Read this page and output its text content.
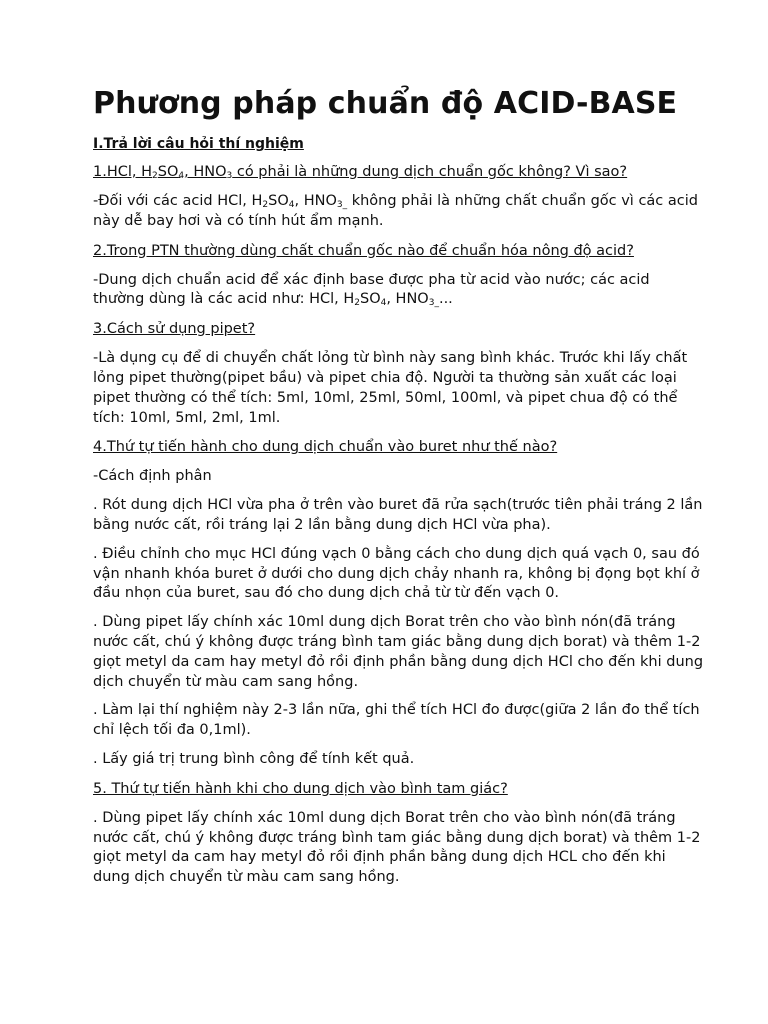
Phương pháp chuẩn độ ACID-BASE
I.Trả lời câu hỏi thí nghiệm
1.HCl, $H_2SO_4$, $HNO_3$ có phải là những dung dịch chuẩn gốc không? Vì sao?
-Đối với các acid HCl, $H_2SO_4$, $HNO_{3\_}$ không phải là những chất chuẩn gốc vì các acid này dễ bay hơi và có tính hút ẩm mạnh.
2.Trong PTN thường dùng chất chuẩn gốc nào để chuẩn hóa nông độ acid?
-Dung dịch chuẩn acid để xác định base được pha từ acid vào nước; các acid thường dùng là các acid như: HCl, $H_2SO_4$, $HNO_{3\_}$...
3.Cách sử dụng pipet?
-Là dụng cụ để di chuyển chất lỏng từ bình này sang bình khác. Trước khi lấy chất lỏng pipet thường(pipet bầu) và pipet chia độ. Người ta thường sản xuất các loại pipet thường có thể tích: 5ml, 10ml, 25ml, 50ml, 100ml, và pipet chua độ có thể tích: 10ml, 5ml, 2ml, 1ml.
4.Thứ tự tiến hành cho dung dịch chuẩn vào buret như thế nào?
-Cách định phân
. Rót dung dịch HCl vừa pha ở trên vào buret đã rửa sạch(trước tiên phải tráng 2 lần bằng nước cất, rồi tráng lại 2 lần bằng dung dịch HCl vừa pha).
. Điều chỉnh cho mục HCl đúng vạch 0 bằng cách cho dung dịch quá vạch 0, sau đó vận nhanh khóa buret ở dưới cho dung dịch chảy nhanh ra, không bị đọng bọt khí ở đầu nhọn của buret, sau đó cho dung dịch chả từ từ đến vạch 0.
. Dùng pipet lấy chính xác 10ml dung dịch Borat trên cho vào bình nón(đã tráng nước cất, chú ý không được tráng bình tam giác bằng dung dịch borat) và thêm 1-2 giọt metyl da cam hay metyl đỏ rồi định phần bằng dung dịch HCl cho đến khi dung dịch chuyển từ màu cam sang hồng.
. Làm lại thí nghiệm này 2-3 lần nữa, ghi thể tích HCl đo được(giữa 2 lần đo thể tích chỉ lệch tối đa 0,1ml).
. Lấy giá trị trung bình công để tính kết quả.
5. Thứ tự tiến hành khi cho dung dịch vào bình tam giác?
. Dùng pipet lấy chính xác 10ml dung dịch Borat trên cho vào bình nón(đã tráng nước cất, chú ý không được tráng bình tam giác bằng dung dịch borat) và thêm 1-2 giọt metyl da cam hay metyl đỏ rồi định phần bằng dung dịch HCL cho đến khi dung dịch chuyển từ màu cam sang hồng.
